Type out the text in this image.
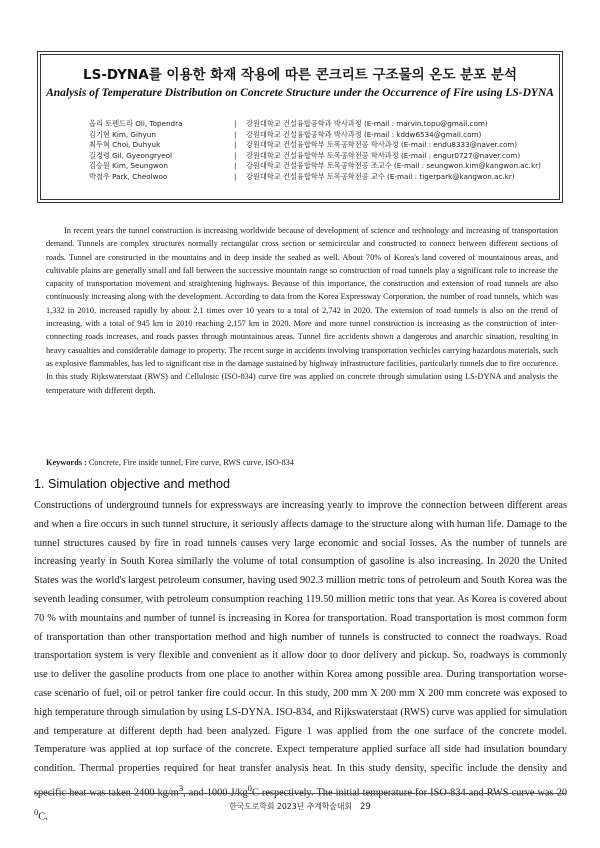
LS-DYNA를 이용한 화재 작용에 따른 콘크리트 구조물의 온도 분포 분석
Analysis of Temperature Distribution on Concrete Structure under the Occurrence of Fire using LS-DYNA
올리 토펜드라 Oli, Topendra	|	강원대학교 건설융합공학과 박사과정 (E-mail : marvin.topu@gmail.com)
김기현 Kim, Gihyun	|	강원대학교 건설융합공학과 박사과정 (E-mail : kddw6534@gmail.com)
최두혁 Choi, Duhyuk	|	강원대학교 건설융합학부 토목공학전공 학사과정 (E-mail : endu8333@naver.com)
길경령 Gil, Gyeongryeol	|	강원대학교 건설융합학부 토목공학전공 학사과정 (E-mail : engur0727@naver.com)
김승원 Kim, Seungwon	|	강원대학교 건설융합학부 토목공학전공 조교수 (E-mail : seungwon.kim@kangwon.ac.kr)
박철우 Park, Cheolwoo	|	강원대학교 건설융합학부 토목공학전공 교수 (E-mail : tigerpark@kangwon.ac.kr)
In recent years the tunnel construction is increasing worldwide because of development of science and technology and increasing of transportation demand. Tunnels are complex structures normally rectangular cross section or semicircular and constructed to connect between different sections of roads. Tunnel are constructed in the mountains and in deep inside the seabed as well. About 70% of Korea's land covered of mountainous areas, and cultivable plains are generally small and fall between the successive mountain range so construction of road tunnels play a significant role to increase the capacity of transportation movement and straightening highways. Because of this importance, the construction and extension of road tunnels are also continuously increasing along with the development. According to data from the Korea Expressway Corporation, the number of road tunnels, which was 1,332 in 2010, increased rapidly by about 2.1 times over 10 years to a total of 2,742 in 2020. The extension of road tunnels is also on the trend of increasing, with a total of 945 km in 2010 reaching 2,157 km in 2020. More and more tunnel construction is increasing as the construction of inter-connecting roads increases, and roads passes through mountainous areas. Tunnel fire accidents shown a dangerous and anarchic situation, resulting in heavy casualties and considerable damage to property. The recent surge in accidents involving transportation vechicles carrying hazardous materials, such as explosive flammables, has led to significant rise in the damage sustained by highway infrastructure facilities, particularly tunnels due to fire occurence. In this study Rijkswaterstaat (RWS) and Cellulosic (ISO-834) curve fire was applied on concrete through simulation using LS-DYNA and analysis the temperature with different depth.
Keywords : Concrete, Fire inside tunnel, Fire curve, RWS curve, ISO-834
1. Simulation objective and method
Constructions of underground tunnels for expressways are increasing yearly to improve the connection between different areas and when a fire occurs in such tunnel structure, it seriously affects damage to the structure along with human life. Damage to the tunnel structures caused by fire in road tunnels causes very large economic and social losses. As the number of tunnels are increasing yearly in South Korea similarly the volume of total consumption of gasoline is also increasing. In 2020 the United States was the world's largest petroleum consumer, having used 902.3 million metric tons of petroleum and South Korea was the seventh leading consumer, with petroleum consumption reaching 119.50 million metric tons that year. As Korea is covered about 70 % with mountains and number of tunnel is increasing in Korea for transportation. Road transportation is most common form of transportation than other transportation method and high number of tunnels is constructed to connect the roadways. Road transportation system is very flexible and convenient as it allow door to door delivery and pickup. So, roadways is commonly use to deliver the gasoline products from one place to another within Korea among possible area. During transportation worse-case scenario of fuel, oil or petrol tanker fire could occur. In this study, 200 mm X 200 mm X 200 mm concrete was exposed to high temperature through simulation by using LS-DYNA. ISO-834, and Rijkswaterstaat (RWS) curve was applied for simulation and temperature at different depth had been analyzed. Figure 1 was applied from the one surface of the concrete model. Temperature was applied at top surface of the concrete. Expect temperature applied surface all side had insulation boundary condition. Thermal properties required for heat transfer analysis heat. In this study density, specific include the density and specific heat was taken 2400 $kg/m^3$, and 1000 $J/kg^0C$ respectively. The initial temperature for ISO-834 and RWS curve was 20 $^0$C.
한국도로학회 2023년 추계학술대회 29
